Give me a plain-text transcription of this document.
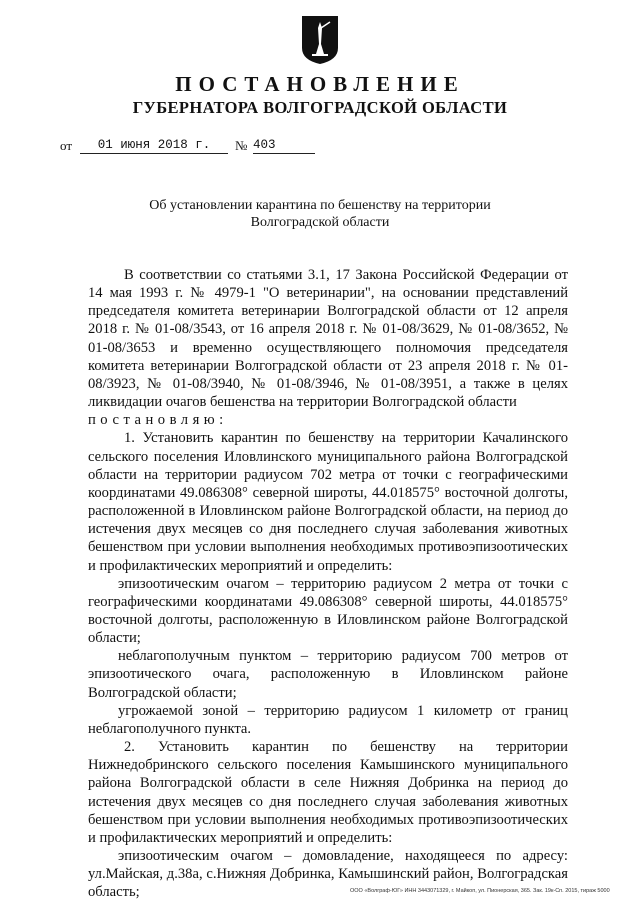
ПОСТАНОВЛЕНИЕ
ГУБЕРНАТОРА ВОЛГОГРАДСКОЙ ОБЛАСТИ
от	01 июня 2018 г.	№ 403
Об установлении карантина по бешенству на территории
Волгоградской области

В соответствии со статьями 3.1, 17 Закона Российской Федерации от 14 мая 1993 г. № 4979-1 "О ветеринарии", на основании представлений председателя комитета ветеринарии Волгоградской области от 12 апреля 2018 г. № 01-08/3543, от 16 апреля 2018 г. № 01-08/3629, № 01-08/3652, № 01-08/3653 и временно осуществляющего полномочия председателя комитета ветеринарии Волгоградской области от 23 апреля 2018 г. № 01-08/3923, № 01-08/3940, № 01-08/3946, № 01-08/3951, а также в целях ликвидации очагов бешенства на территории Волгоградской области

постановляю:

1. Установить карантин по бешенству на территории Качалинского сельского поселения Иловлинского муниципального района Волгоградской области на территории радиусом 702 метра от точки с географическими координатами 49.086308° северной широты, 44.018575° восточной долготы, расположенной в Иловлинском районе Волгоградской области, на период до истечения двух месяцев со дня последнего случая заболевания животных бешенством при условии выполнения необходимых противоэпизоотических и профилактических мероприятий и определить:

эпизоотическим очагом – территорию радиусом 2 метра от точки с географическими координатами 49.086308° северной широты, 44.018575° восточной долготы, расположенную в Иловлинском районе Волгоградской области;

неблагополучным пунктом – территорию радиусом 700 метров от эпизоотического очага, расположенную в Иловлинском районе Волгоградской области;

угрожаемой зоной – территорию радиусом 1 километр от границ неблагополучного пункта.

2. Установить карантин по бешенству на территории Нижнедобринского сельского поселения Камышинского муниципального района Волгоградской области в селе Нижняя Добринка на период до истечения двух месяцев со дня последнего случая заболевания животных бешенством при условии выполнения необходимых противоэпизоотических и профилактических мероприятий и определить:

эпизоотическим очагом – домовладение, находящееся по адресу: ул.Майская, д.38а, с.Нижняя Добринка, Камышинский район, Волгоградская область;	ООО «Волграф-ЮГ» ИНН 3443071329, г. Майкоп, ул. Пионерская, 365. Зак. 19к-Сп. 2015, тираж 5000
